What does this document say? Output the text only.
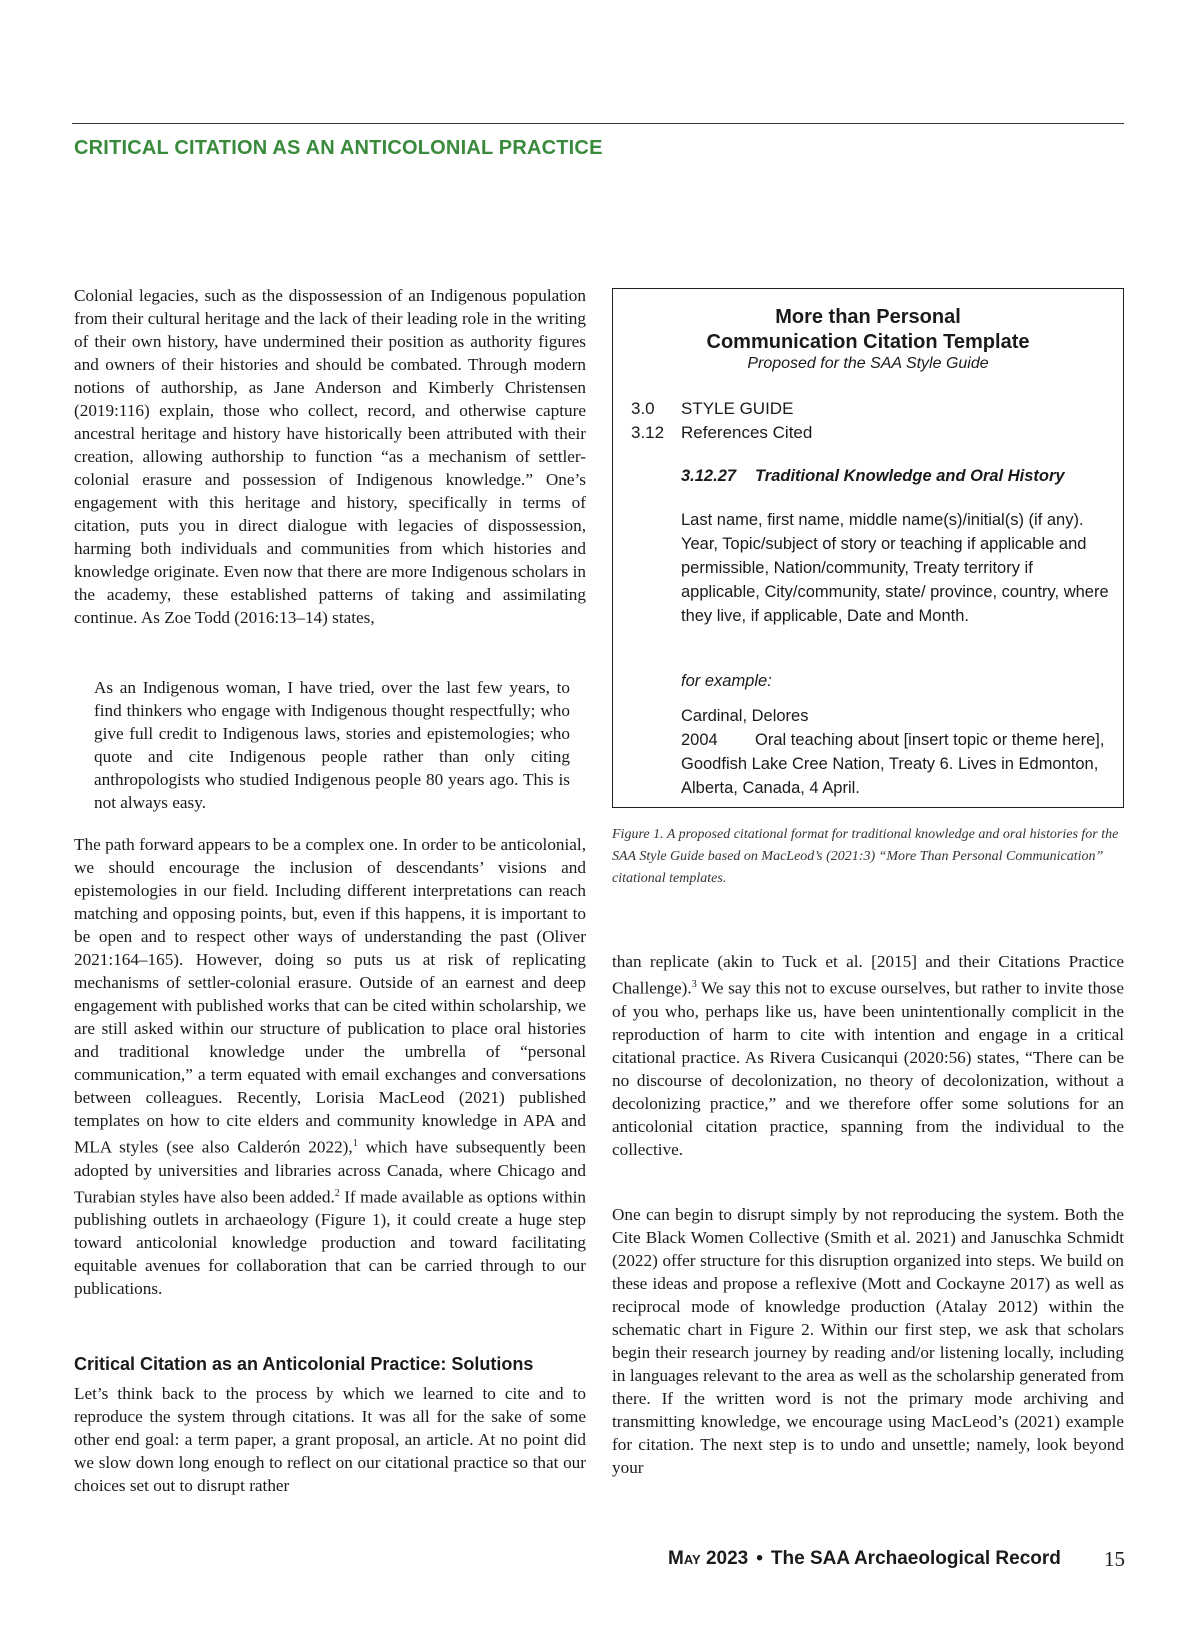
CRITICAL CITATION AS AN ANTICOLONIAL PRACTICE

Colonial legacies, such as the dispossession of an Indigenous population from their cultural heritage and the lack of their leading role in the writing of their own history, have undermined their position as authority figures and owners of their histories and should be combated. Through modern notions of authorship, as Jane Anderson and Kimberly Christensen (2019:116) explain, those who collect, record, and otherwise capture ancestral heritage and history have historically been attributed with their creation, allowing authorship to function “as a mechanism of settler-colonial erasure and possession of Indigenous knowledge.” One’s engagement with this heritage and history, specifically in terms of citation, puts you in direct dialogue with legacies of dispossession, harming both individuals and communities from which histories and knowledge originate. Even now that there are more Indigenous scholars in the academy, these established patterns of taking and assimilating continue. As Zoe Todd (2016:13–14) states,

As an Indigenous woman, I have tried, over the last few years, to find thinkers who engage with Indigenous thought respectfully; who give full credit to Indigenous laws, stories and epistemologies; who quote and cite Indigenous people rather than only citing anthropologists who studied Indigenous people 80 years ago. This is not always easy.

The path forward appears to be a complex one. In order to be anticolonial, we should encourage the inclusion of descendants’ visions and epistemologies in our field. Including different interpretations can reach matching and opposing points, but, even if this happens, it is important to be open and to respect other ways of understanding the past (Oliver 2021:164–165). However, doing so puts us at risk of replicating mechanisms of settler-colonial erasure. Outside of an earnest and deep engagement with published works that can be cited within scholarship, we are still asked within our structure of publication to place oral histories and traditional knowledge under the umbrella of “personal communication,” a term equated with email exchanges and conversations between colleagues. Recently, Lorisia MacLeod (2021) published templates on how to cite elders and community knowledge in APA and MLA styles (see also Calderón 2022),$^1$ which have subsequently been adopted by universities and libraries across Canada, where Chicago and Turabian styles have also been added.$^2$ If made available as options within publishing outlets in archaeology (Figure 1), it could create a huge step toward anticolonial knowledge production and toward facilitating equitable avenues for collaboration that can be carried through to our publications.

Critical Citation as an Anticolonial Practice: Solutions

Let’s think back to the process by which we learned to cite and to reproduce the system through citations. It was all for the sake of some other end goal: a term paper, a grant proposal, an article. At no point did we slow down long enough to reflect on our citational practice so that our choices set out to disrupt rather

More than Personal Communication Citation Template
Proposed for the SAA Style Guide
3.0 STYLE GUIDE
3.12 References Cited
3.12.27 Traditional Knowledge and Oral History
Last name, first name, middle name(s)/initial(s) (if any). Year, Topic/subject of story or teaching if applicable and permissible, Nation/community, Treaty territory if applicable, City/community, state/ province, country, where they live, if applicable, Date and Month.
for example:
Cardinal, Delores
2004 Oral teaching about [insert topic or theme here], Goodfish Lake Cree Nation, Treaty 6. Lives in Edmonton, Alberta, Canada, 4 April.
Figure 1. A proposed citational format for traditional knowledge and oral histories for the SAA Style Guide based on MacLeod’s (2021:3) “More Than Personal Communication” citational templates.

than replicate (akin to Tuck et al. [2015] and their Citations Practice Challenge).$^3$ We say this not to excuse ourselves, but rather to invite those of you who, perhaps like us, have been unintentionally complicit in the reproduction of harm to cite with intention and engage in a critical citational practice. As Rivera Cusicanqui (2020:56) states, “There can be no discourse of decolonization, no theory of decolonization, without a decolonizing practice,” and we therefore offer some solutions for an anticolonial citation practice, spanning from the individual to the collective.

One can begin to disrupt simply by not reproducing the system. Both the Cite Black Women Collective (Smith et al. 2021) and Januschka Schmidt (2022) offer structure for this disruption organized into steps. We build on these ideas and propose a reflexive (Mott and Cockayne 2017) as well as reciprocal mode of knowledge production (Atalay 2012) within the schematic chart in Figure 2. Within our first step, we ask that scholars begin their research journey by reading and/or listening locally, including in languages relevant to the area as well as the scholarship generated from there. If the written word is not the primary mode archiving and transmitting knowledge, we encourage using MacLeod’s (2021) example for citation. The next step is to undo and unsettle; namely, look beyond your

May 2023 • The SAA Archaeological Record 15
